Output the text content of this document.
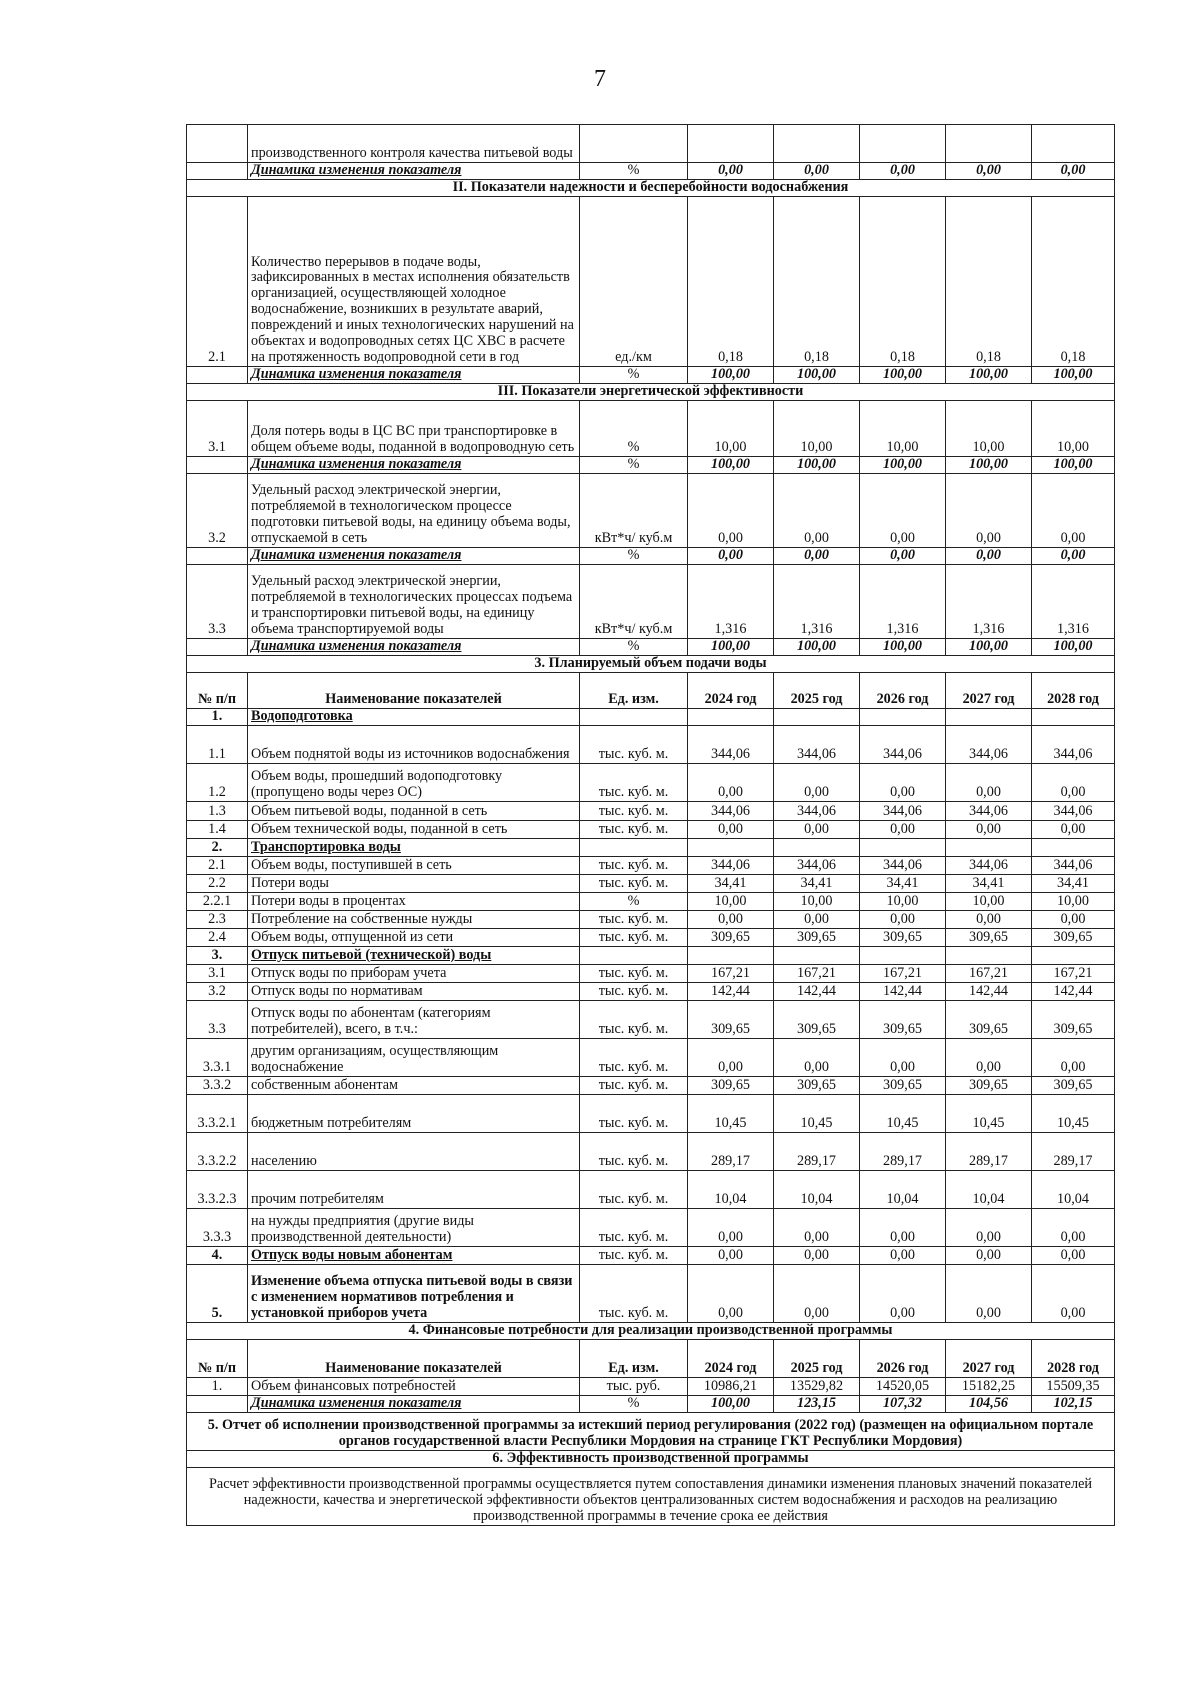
7
	производственного контроля качества питьевой воды						
	Динамика изменения показателя	%	0,00	0,00	0,00	0,00	0,00
II. Показатели надежности и бесперебойности водоснабжения							
2.1	Количество перерывов в подаче воды, зафиксированных в местах исполнения обязательств организацией, осуществляющей холодное водоснабжение, возникших в результате аварий, повреждений и иных технологических нарушений на объектах и водопроводных сетях ЦС ХВС в расчете на протяженность водопроводной сети в год	ед./км	0,18	0,18	0,18	0,18	0,18
	Динамика изменения показателя	%	100,00	100,00	100,00	100,00	100,00
III. Показатели энергетической эффективности							
3.1	Доля потерь воды в ЦС ВС при транспортировке в общем объеме воды, поданной в водопроводную сеть	%	10,00	10,00	10,00	10,00	10,00
	Динамика изменения показателя	%	100,00	100,00	100,00	100,00	100,00
3.2	Удельный расход электрической энергии, потребляемой в технологическом процессе подготовки питьевой воды, на единицу объема воды, отпускаемой в сеть	кВт*ч/ куб.м	0,00	0,00	0,00	0,00	0,00
	Динамика изменения показателя	%	0,00	0,00	0,00	0,00	0,00
3.3	Удельный расход электрической энергии, потребляемой в технологических процессах подъема и транспортировки питьевой воды, на единицу объема транспортируемой воды	кВт*ч/ куб.м	1,316	1,316	1,316	1,316	1,316
	Динамика изменения показателя	%	100,00	100,00	100,00	100,00	100,00
3. Планируемый объем подачи воды							
№ п/п	Наименование показателей	Ед. изм.	2024 год	2025 год	2026 год	2027 год	2028 год
1.	Водоподготовка						
1.1	Объем поднятой воды из источников водоснабжения	тыс. куб. м.	344,06	344,06	344,06	344,06	344,06
1.2	Объем воды, прошедший водоподготовку (пропущено воды через ОС)	тыс. куб. м.	0,00	0,00	0,00	0,00	0,00
1.3	Объем питьевой воды, поданной в сеть	тыс. куб. м.	344,06	344,06	344,06	344,06	344,06
1.4	Объем технической воды, поданной в сеть	тыс. куб. м.	0,00	0,00	0,00	0,00	0,00
2.	Транспортировка воды						
2.1	Объем воды, поступившей в сеть	тыс. куб. м.	344,06	344,06	344,06	344,06	344,06
2.2	Потери воды	тыс. куб. м.	34,41	34,41	34,41	34,41	34,41
2.2.1	Потери воды в процентах	%	10,00	10,00	10,00	10,00	10,00
2.3	Потребление на собственные нужды	тыс. куб. м.	0,00	0,00	0,00	0,00	0,00
2.4	Объем воды, отпущенной из сети	тыс. куб. м.	309,65	309,65	309,65	309,65	309,65
3.	Отпуск питьевой (технической) воды						
3.1	Отпуск воды по приборам учета	тыс. куб. м.	167,21	167,21	167,21	167,21	167,21
3.2	Отпуск воды по нормативам	тыс. куб. м.	142,44	142,44	142,44	142,44	142,44
3.3	Отпуск воды по абонентам (категориям потребителей), всего, в т.ч.:	тыс. куб. м.	309,65	309,65	309,65	309,65	309,65
3.3.1	другим организациям, осуществляющим водоснабжение	тыс. куб. м.	0,00	0,00	0,00	0,00	0,00
3.3.2	собственным абонентам	тыс. куб. м.	309,65	309,65	309,65	309,65	309,65
3.3.2.1	бюджетным потребителям	тыс. куб. м.	10,45	10,45	10,45	10,45	10,45
3.3.2.2	населению	тыс. куб. м.	289,17	289,17	289,17	289,17	289,17
3.3.2.3	прочим потребителям	тыс. куб. м.	10,04	10,04	10,04	10,04	10,04
3.3.3	на нужды предприятия (другие виды производственной деятельности)	тыс. куб. м.	0,00	0,00	0,00	0,00	0,00
4.	Отпуск воды новым абонентам	тыс. куб. м.	0,00	0,00	0,00	0,00	0,00
5.	Изменение объема отпуска питьевой воды в связи с изменением нормативов потребления и установкой приборов учета	тыс. куб. м.	0,00	0,00	0,00	0,00	0,00
4. Финансовые потребности для реализации производственной программы							
№ п/п	Наименование показателей	Ед. изм.	2024 год	2025 год	2026 год	2027 год	2028 год
1.	Объем финансовых потребностей	тыс. руб.	10986,21	13529,82	14520,05	15182,25	15509,35
	Динамика изменения показателя	%	100,00	123,15	107,32	104,56	102,15
5. Отчет об исполнении производственной программы за истекший период регулирования (2022 год) (размещен на официальном портале органов государственной власти Республики Мордовия на странице ГКТ Республики Мордовия)							
6. Эффективность производственной программы							
Расчет эффективности производственной программы осуществляется путем сопоставления динамики изменения плановых значений показателей надежности, качества и энергетической эффективности объектов централизованных систем водоснабжения и расходов на реализацию производственной программы в течение срока ее действия							
